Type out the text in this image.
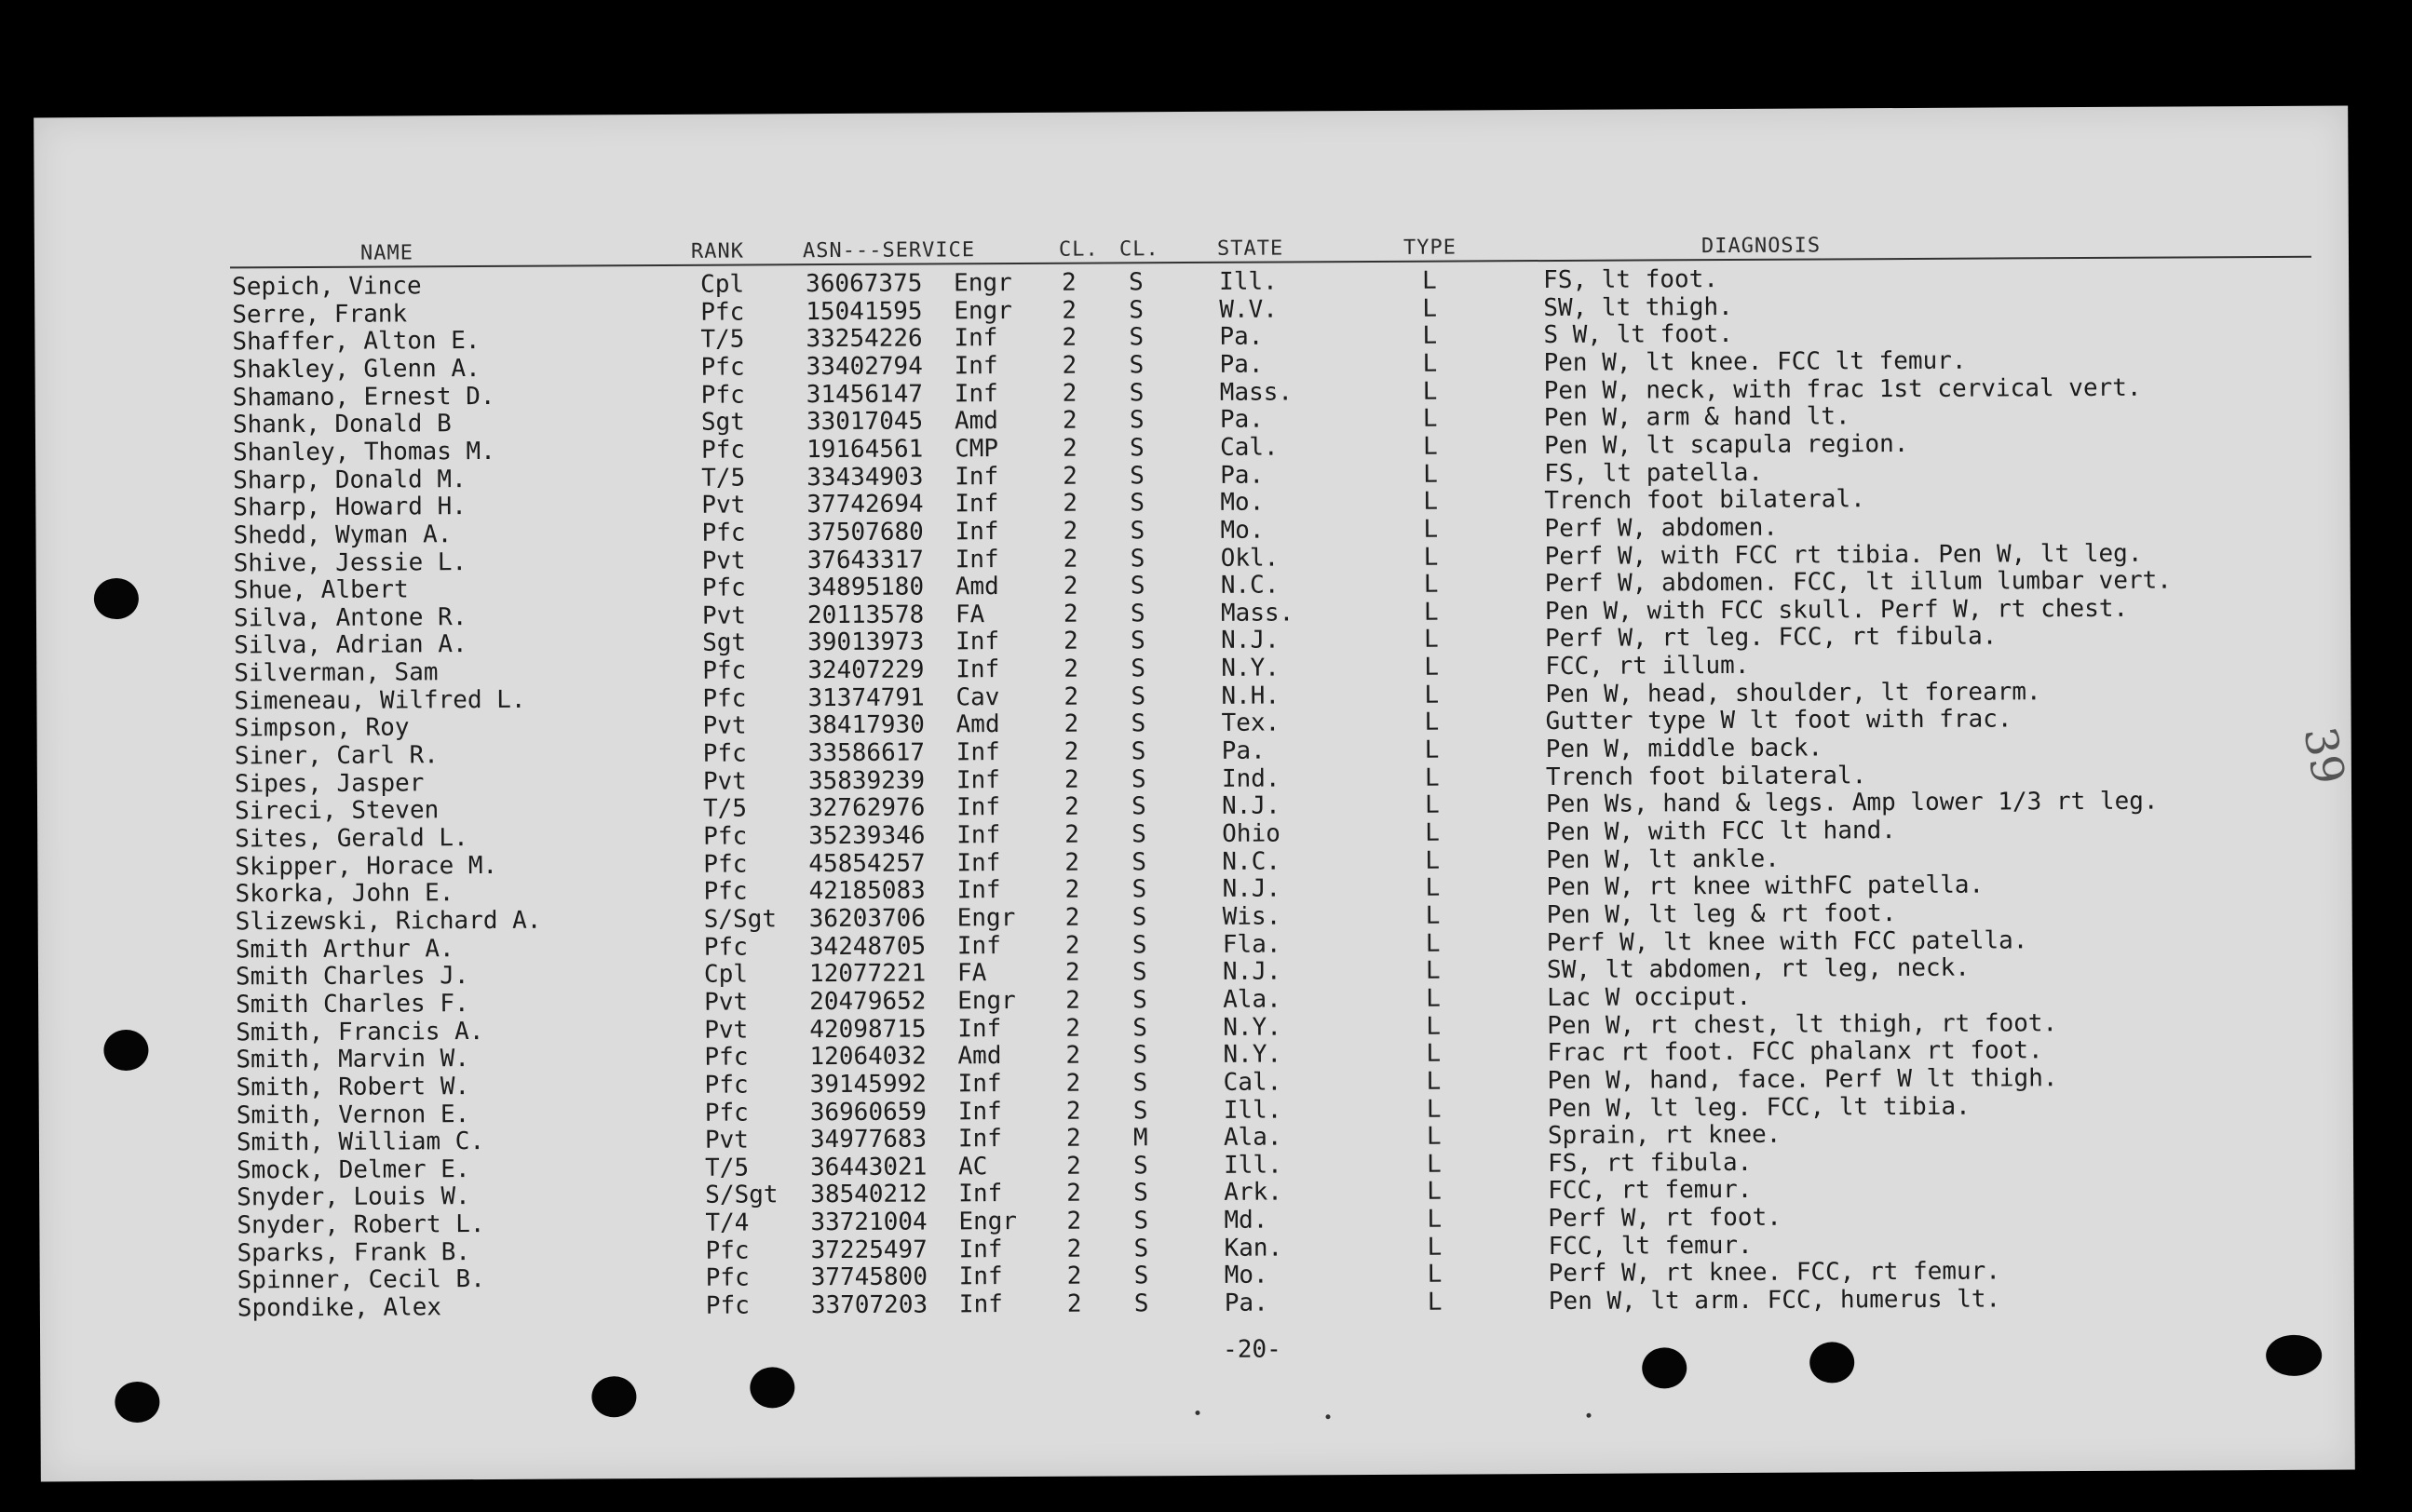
NAME	RANK	ASN---SERVICE	CL. CL.	STATE	TYPE	DIAGNOSIS
Sepich, Vince	Cpl	36067375 Engr 2 S	Ill.	L	FS, lt foot.
Serre, Frank	Pfc	15041595 Engr 2 S	W.V.	L	SW, lt thigh.
Shaffer, Alton E.	T/5	33254226 Inf	2 S	Pa.	L	S W, lt foot.
Shakley, Glenn A.	Pfc	33402794 Inf	2 S	Pa.	L	Pen W, lt knee. FCC lt femur.
Shamano, Ernest D.	Pfc	31456147 Inf	2 S	Mass.	L	Pen W, neck, with frac 1st cervical vert.
Shank, Donald B	Sgt	33017045 Amd	2 S	Pa.	L	Pen W, arm & hand lt.
Shanley, Thomas M.	Pfc	19164561 CMP	2 S	Cal.	L	Pen W, lt scapula region.
Sharp, Donald M.	T/5	33434903 Inf	2 S	Pa.	L	FS, lt patella.
Sharp, Howard H.	Pvt	37742694 Inf	2 S	Mo.	L	Trench foot bilateral.
Shedd, Wyman A.	Pfc	37507680 Inf	2 S	Mo.	L	Perf W, abdomen.
Shive, Jessie L.	Pvt	37643317 Inf	2 S	Okl.	L	Perf W, with FCC rt tibia. Pen W, lt leg.
Shue, Albert	Pfc	34895180 Amd	2 S	N.C.	L	Perf W, abdomen. FCC, lt illum lumbar vert.
Silva, Antone R.	Pvt	20113578 FA	2 S	Mass.	L	Pen W, with FCC skull. Perf W, rt chest.
Silva, Adrian A.	Sgt	39013973 Inf	2 S	N.J.	L	Perf W, rt leg. FCC, rt fibula.
Silverman, Sam	Pfc	32407229 Inf	2 S	N.Y.	L	FCC, rt illum.
Simeneau, Wilfred L.	Pfc	31374791 Cav	2 S	N.H.	L	Pen W, head, shoulder, lt forearm.
Simpson, Roy	Pvt	38417930 Amd	2 S	Tex.	L	Gutter type W lt foot with frac.
Siner, Carl R.	Pfc	33586617 Inf	2 S	Pa.	L	Pen W, middle back.
Sipes, Jasper	Pvt	35839239 Inf	2 S	Ind.	L	Trench foot bilateral.
Sireci, Steven	T/5	32762976 Inf	2 S	N.J.	L	Pen Ws, hand & legs. Amp lower 1/3 rt leg.
Sites, Gerald L.	Pfc	35239346 Inf	2 S	Ohio	L	Pen W, with FCC lt hand.
Skipper, Horace M.	Pfc	45854257 Inf	2 S	N.C.	L	Pen W, lt ankle.
Skorka, John E.	Pfc	42185083 Inf	2 S	N.J.	L	Pen W, rt knee withFC patella.
Slizewski, Richard A.	S/Sgt 36203706 Engr 2 S	Wis.	L	Pen W, lt leg & rt foot.
Smith Arthur A.	Pfc	34248705 Inf	2 S	Fla.	L	Perf W, lt knee with FCC patella.
Smith Charles J.	Cpl	12077221 FA	2 S	N.J.	L	SW, lt abdomen, rt leg, neck.
Smith Charles F.	Pvt	20479652 Engr 2 S	Ala.	L	Lac W occiput.
Smith, Francis A.	Pvt	42098715 Inf	2 S	N.Y.	L	Pen W, rt chest, lt thigh, rt foot.
Smith, Marvin W.	Pfc	12064032 Amd	2 S	N.Y.	L	Frac rt foot. FCC phalanx rt foot.
Smith, Robert W.	Pfc	39145992 Inf	2 S	Cal.	L	Pen W, hand, face. Perf W lt thigh.
Smith, Vernon E.	Pfc	36960659 Inf	2 S	Ill.	L	Pen W, lt leg. FCC, lt tibia.
Smith, William C.	Pvt	34977683 Inf	2 M	Ala.	L	Sprain, rt knee.
Smock, Delmer E.	T/5	36443021 AC	2 S	Ill.	L	FS, rt fibula.
Snyder, Louis W.	S/Sgt 38540212 Inf	2 S	Ark.	L	FCC, rt femur.
Snyder, Robert L.	T/4	33721004 Engr 2 S	Md.	L	Perf W, rt foot.
Sparks, Frank B.	Pfc	37225497 Inf	2 S	Kan.	L	FCC, lt femur.
Spinner, Cecil B.	Pfc	37745800 Inf	2 S	Mo.	L	Perf W, rt knee. FCC, rt femur.
Spondike, Alex	Pfc	33707203 Inf	2 S	Pa.	L	Pen W, lt arm. FCC, humerus lt.
-20-
39
